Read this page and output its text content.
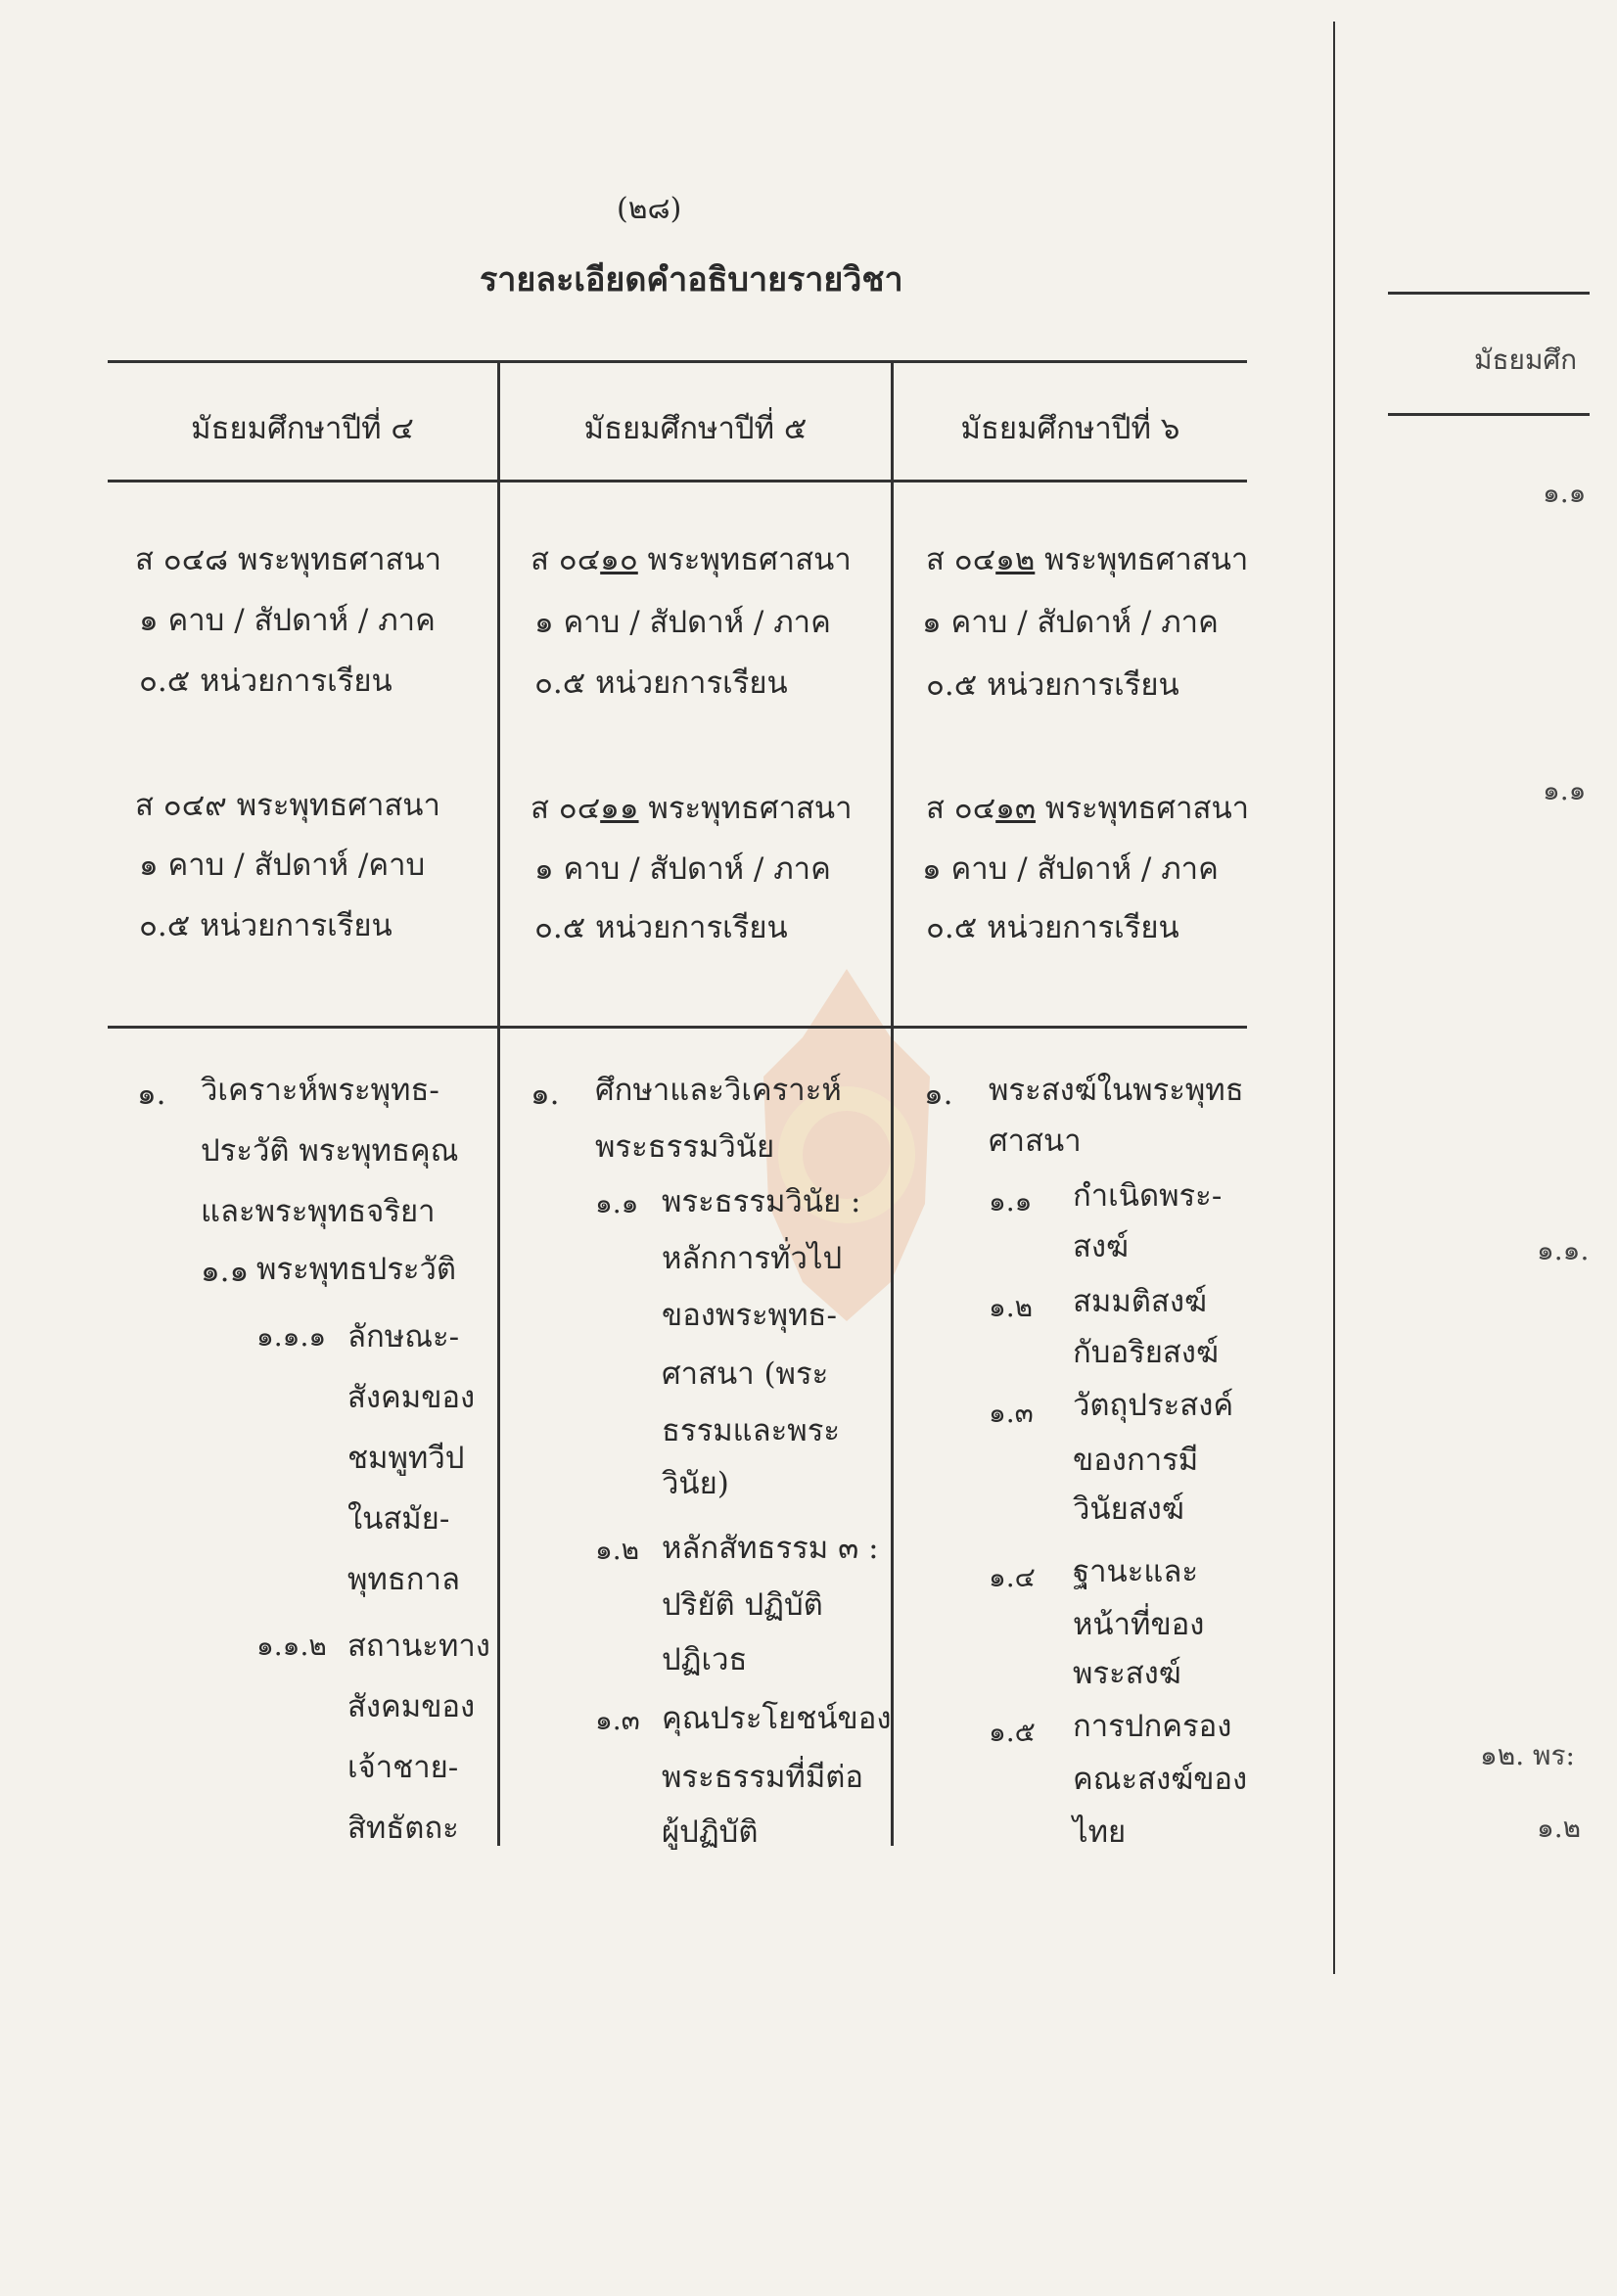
(๒๘)
รายละเอียดคำอธิบายรายวิชา
มัธยมศึกษาปีที่ ๔	มัธยมศึกษาปีที่ ๕	มัธยมศึกษาปีที่ ๖
ส ๐๔๘ พระพุทธศาสนา
๑ คาบ / สัปดาห์ / ภาค
๐.๕ หน่วยการเรียน
ส ๐๔๙ พระพุทธศาสนา
๑ คาบ / สัปดาห์ /คาบ
๐.๕ หน่วยการเรียน
ส ๐๔๑๐ พระพุทธศาสนา
๑ คาบ / สัปดาห์ / ภาค
๐.๕ หน่วยการเรียน
ส ๐๔๑๑ พระพุทธศาสนา
๑ คาบ / สัปดาห์ / ภาค
๐.๕ หน่วยการเรียน
ส ๐๔๑๒ พระพุทธศาสนา
๑ คาบ / สัปดาห์ / ภาค
๐.๕ หน่วยการเรียน
ส ๐๔๑๓ พระพุทธศาสนา
๑ คาบ / สัปดาห์ / ภาค
๐.๕ หน่วยการเรียน
๑. วิเคราะห์พระพุทธ-
ประวัติ พระพุทธคุณ
และพระพุทธจริยา
๑.๑ พระพุทธประวัติ
๑.๑.๑ ลักษณะ-
สังคมของ
ชมพูทวีป
ในสมัย-
พุทธกาล
๑.๑.๒ สถานะทาง
สังคมของ
เจ้าชาย-
สิทธัตถะ
๑. ศึกษาและวิเคราะห์
พระธรรมวินัย
๑.๑ พระธรรมวินัย :
หลักการทั่วไป
ของพระพุทธ-
ศาสนา (พระ
ธรรมและพระ
วินัย)
๑.๒ หลักสัทธรรม ๓ :
ปริยัติ ปฏิบัติ
ปฏิเวธ
๑.๓ คุณประโยชน์ของ
พระธรรมที่มีต่อ
ผู้ปฏิบัติ
๑. พระสงฆ์ในพระพุทธ
ศาสนา
๑.๑ กำเนิดพระ-
สงฆ์
๑.๒ สมมติสงฆ์
กับอริยสงฆ์
๑.๓ วัตถุประสงค์
ของการมี
วินัยสงฆ์
๑.๔ ฐานะและ
หน้าที่ของ
พระสงฆ์
๑.๕ การปกครอง
คณะสงฆ์ของ
ไทย
มัธยมศึก
๑.๑
๑.๑
๑.๑.
๑๒. พร:
๑.๒
